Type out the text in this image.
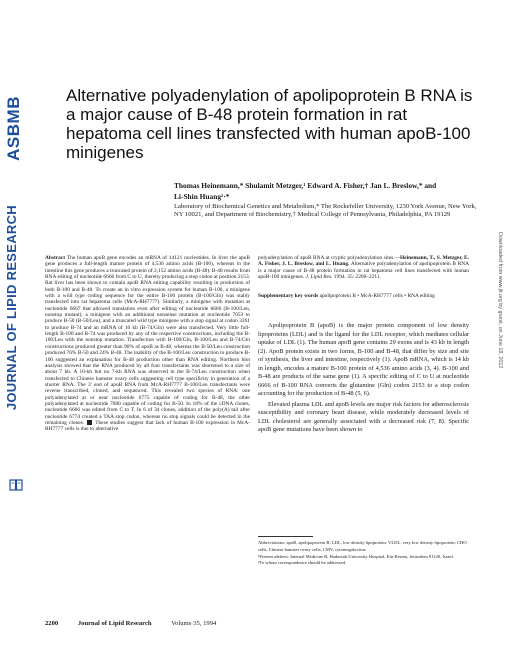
ASBMB
JOURNAL OF LIPID RESEARCH	Downloaded from www.jlr.org by guest, on June 18, 2012
Alternative polyadenylation of apolipoprotein B RNA is a major cause of B-48 protein formation in rat hepatoma cell lines transfected with human apoB-100 minigenes
Thomas Heinemann,* Shulamit Metzger,¹ Edward A. Fisher,† Jan L. Breslow,* and
Li-Shin Huang²·*
Laboratory of Biochemical Genetics and Metabolism,* The Rockefeller University, 1230 York Avenue, New York, NY 10021, and Department of Biochemistry,† Medical College of Pennsylvania, Philadelphia, PA 19129
Abstract The human apoB gene encodes an mRNA of 14121 nucleotides. In liver the apoB gene produces a full-length mature protein of 4,536 amino acids (B-100), whereas in the intestine this gene produces a truncated protein of 2,152 amino acids (B-48). B-48 results from RNA editing of nucleotide 6666 from C to U, thereby producing a stop codon at position 2153. Rat liver has been shown to contain apoB RNA editing capability resulting in production of both B-100 and B-48. To create an in vitro expression system for human B-100, a minigene with a wild type coding sequence for the entire B-100 protein (B-100/Gln) was stably transfected into rat hepatoma cells (McA-RH7777). Similarly, a minigene with mutation at nucleotide 6667 that allowed translation even after editing of nucleotide 6666 (B-100/Leu, nonstop mutant), a minigene with an additional nonsense mutation at nucleotide 7053 to produce B-50 (B-50/Leu), and a truncated wild type minigene with a stop signal at codon 3261 to produce B-74 and an mRNA of 10 kb (B-74/Gln) were also transfected. Very little full-length B-100 and B-74 was produced by any of the respective constructions, including the B-100/Leu with the nonstop mutation. Transfection with B-100/Gln, B-100/Leu and B-74/Gln constructions produced greater than 90% of apoB as B-48, whereas the B-50/Leu construction produced 76% B-50 and 24% B-48. The inability of the B-100/Leu construction to produce B-100 suggested an explanation for B-48 production other than RNA editing. Northern blot analysis showed that the RNA produced by all four transfectants was shortened to a size of about 7 kb. A 10-kb but no 7-kb RNA was observed in the B-74/Leu construction when transfected to Chinese hamster ovary cells suggesting cell type specificity in generation of a shorter RNA. The 3' end of apoB RNA from McA-RH7777 B-100/Leu transfectants were reverse transcribed, cloned, and sequenced. This revealed two species of RNA: one polyadenylated at or near nucleotide 6775 capable of coding for B-48, the other polyadenylated at nucleotide 7080 capable of coding for B-50. In 18% of the cDNA clones, nucleotide 6666 was edited from C to T. In 6 of 34 clones, addition of the poly(A) tail after nucleotide 6774 created a TAA stop codon, whereas no stop signals could be detected in the remaining clones. These studies suggest that lack of human B-100 expression in McA-RH7777 cells is due to alternative
polyadenylation of apoB RNA at cryptic polyadenylation sites.—Heinemann, T., S. Metzger, E. A. Fisher, J. L. Breslow, and L. Huang. Alternative polyadenylation of apolipoprotein B RNA is a major cause of B-48 protein formation in rat hepatoma cell lines transfected with human apoB-100 minigenes. J. Lipid Res. 1994. 35: 2200–2211.
Supplementary key words apolipoprotein B • McA-RH7777 cells • RNA editing

Apolipoprotein B (apoB) is the major protein component of low density lipoproteins (LDL) and is the ligand for the LDL receptor, which mediates cellular uptake of LDL (1). The human apoB gene contains 29 exons and is 43 kb in length (2). ApoB protein exists in two forms, B-100 and B-48, that differ by size and site of synthesis, the liver and intestine, respectively (1). ApoB mRNA, which is 14 kb in length, encodes a mature B-100 protein of 4,536 amino acids (3, 4). B-100 and B-48 are products of the same gene (1). A specific editing of C to U at nucleotide 6666 of B-100 RNA converts the glutamine (Gln) codon 2153 to a stop codon accounting for the production of B-48 (5, 6).

Elevated plasma LDL and apoB levels are major risk factors for atherosclerosis susceptibility and coronary heart disease, while moderately decreased levels of LDL cholesterol are generally associated with a decreased risk (7, 8). Specific apoB gene mutations have been shown to

Abbreviations: apoB, apolipoprotein B; LDL, low density lipoprotein; VLDL, very low density lipoprotein; CHO cells, Chinese hamster ovary cells; CMV, cytomegalovirus.
¹Present address: Internal Medicine B, Hadassah University Hospital, Ein-Kerem, Jerusalem 91120, Israel.
²To whom correspondence should be addressed.
2200	Journal of Lipid Research	Volume 35, 1994
